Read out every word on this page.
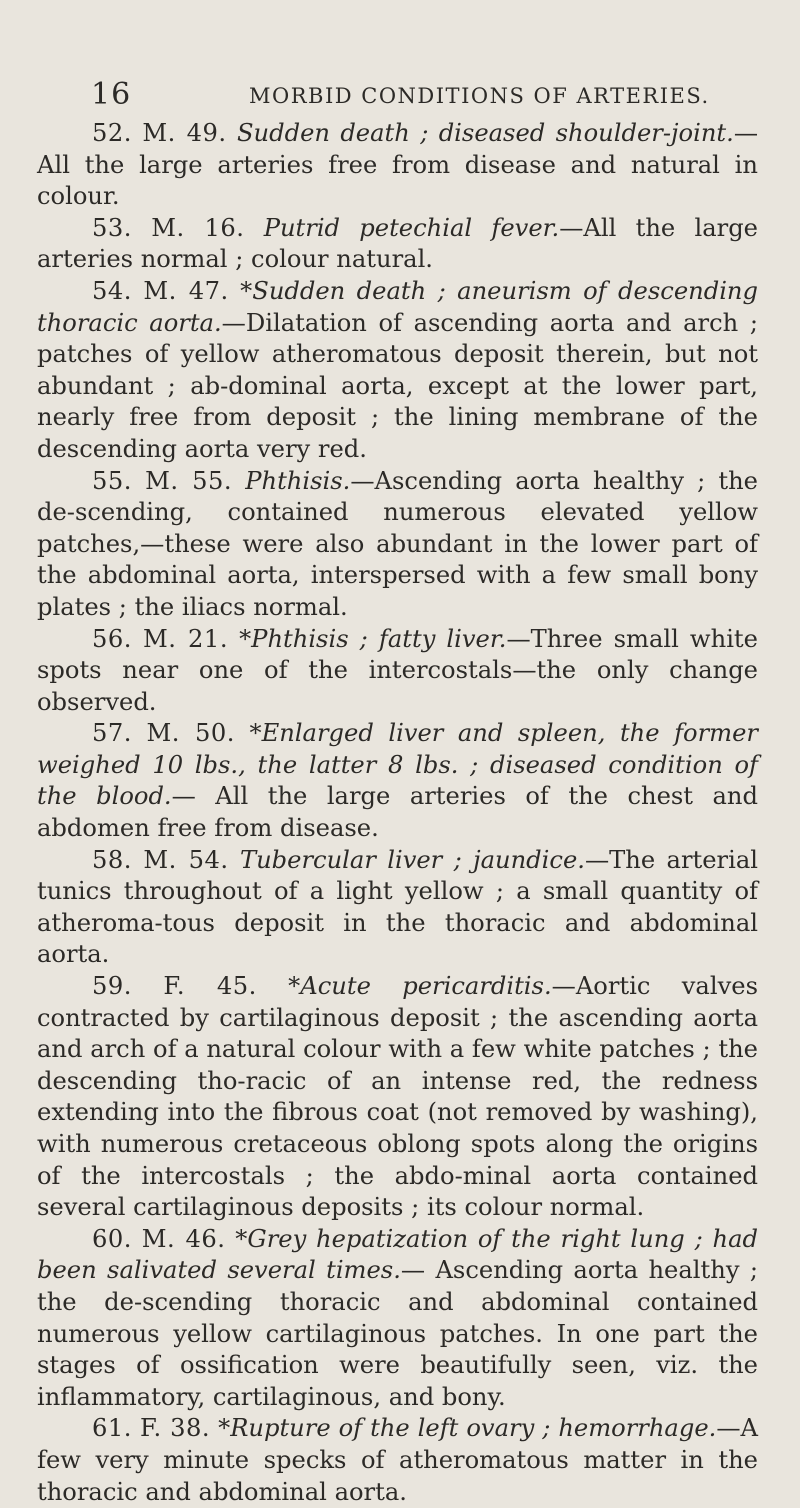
16	MORBID CONDITIONS OF ARTERIES.

52. M. 49. Sudden death ; diseased shoulder-joint.— All the large arteries free from disease and natural in colour.

53. M. 16. Putrid petechial fever.—All the large arteries normal ; colour natural.

54. M. 47. *Sudden death ; aneurism of descending thoracic aorta.—Dilatation of ascending aorta and arch ; patches of yellow atheromatous deposit therein, but not abundant ; ab-dominal aorta, except at the lower part, nearly free from deposit ; the lining membrane of the descending aorta very red.

55. M. 55. Phthisis.—Ascending aorta healthy ; the de-scending, contained numerous elevated yellow patches,—these were also abundant in the lower part of the abdominal aorta, interspersed with a few small bony plates ; the iliacs normal.

56. M. 21. *Phthisis ; fatty liver.—Three small white spots near one of the intercostals—the only change observed.

57. M. 50. *Enlarged liver and spleen, the former weighed 10 lbs., the latter 8 lbs. ; diseased condition of the blood.— All the large arteries of the chest and abdomen free from disease.

58. M. 54. Tubercular liver ; jaundice.—The arterial tunics throughout of a light yellow ; a small quantity of atheroma-tous deposit in the thoracic and abdominal aorta.

59. F. 45. *Acute pericarditis.—Aortic valves contracted by cartilaginous deposit ; the ascending aorta and arch of a natural colour with a few white patches ; the descending tho-racic of an intense red, the redness extending into the fibrous coat (not removed by washing), with numerous cretaceous oblong spots along the origins of the intercostals ; the abdo-minal aorta contained several cartilaginous deposits ; its colour normal.

60. M. 46. *Grey hepatization of the right lung ; had been salivated several times.— Ascending aorta healthy ; the de-scending thoracic and abdominal contained numerous yellow cartilaginous patches. In one part the stages of ossification were beautifully seen, viz. the inflammatory, cartilaginous, and bony.

61. F. 38. *Rupture of the left ovary ; hemorrhage.—A few very minute specks of atheromatous matter in the thoracic and abdominal aorta.
